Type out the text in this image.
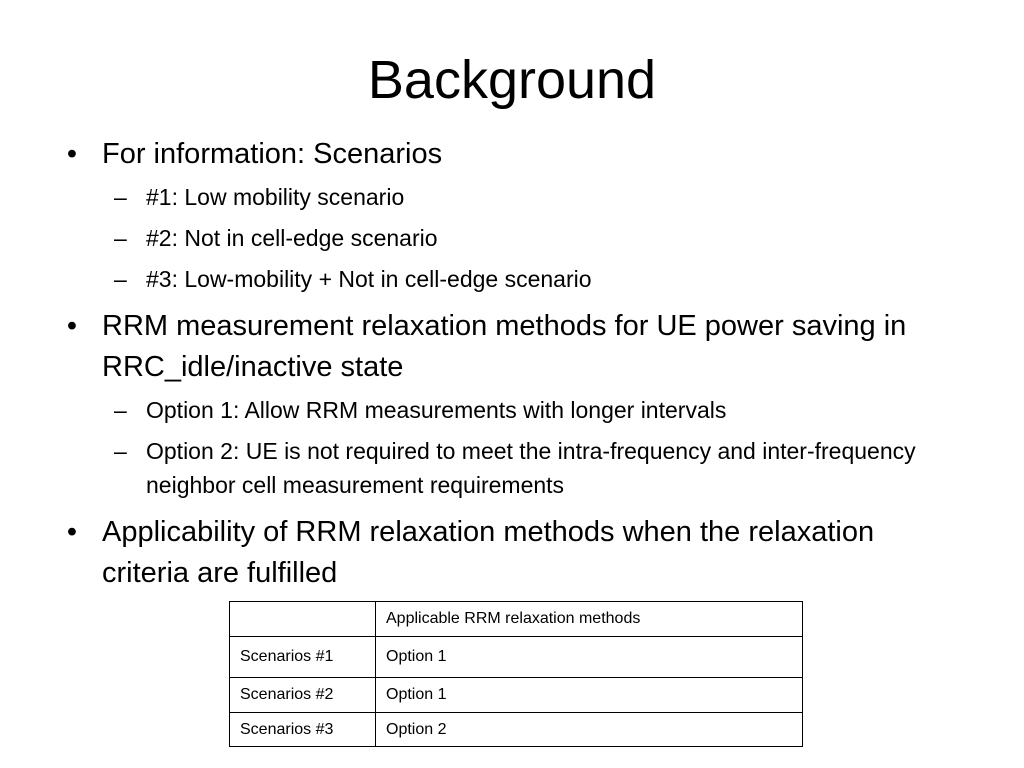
Background
• For information: Scenarios
– #1: Low mobility scenario
– #2: Not in cell-edge scenario
– #3: Low-mobility + Not in cell-edge scenario
• RRM measurement relaxation methods for UE power saving in RRC_idle/inactive state
– Option 1: Allow RRM measurements with longer intervals
– Option 2: UE is not required to meet the intra-frequency and inter-frequency neighbor cell measurement requirements
• Applicability of RRM relaxation methods when the relaxation criteria are fulfilled
	Applicable RRM relaxation methods
Scenarios #1	Option 1
Scenarios #2	Option 1
Scenarios #3	Option 2
